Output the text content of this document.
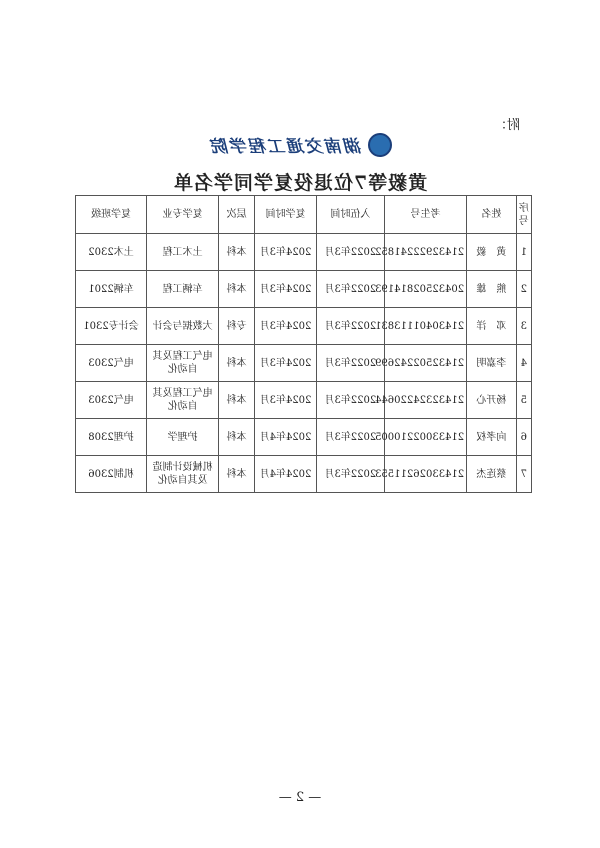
附：
湖南交通工程学院
黄毅等7位退役复学同学名单
序号	姓名	考生号	入伍时间	复学时间	层次	复学专业	复学班级
1	黄　毅	21432922241852	2022年3月	2024年3月	本科	土木工程	土木2302
2	熊　雄	20432502814193	2022年3月	2024年3月	本科	车辆工程	车辆2201
3	邓　洋	21430401113831	2022年3月	2024年3月	专科	大数据与会计	会计专2301
4	李嘉明	21432502242699	2022年3月	2024年3月	本科	电气工程及其自动化	电气2303
5	杨开心	21432324220644	2022年3月	2024年3月	本科	电气工程及其自动化	电气2303
6	向孝权	21433002210005	2022年3月	2024年4月	本科	护理学	护理2308
7	蔡连杰	21433026211553	2022年3月	2024年4月	本科	机械设计制造及其自动化	机制2306
— 2 —
